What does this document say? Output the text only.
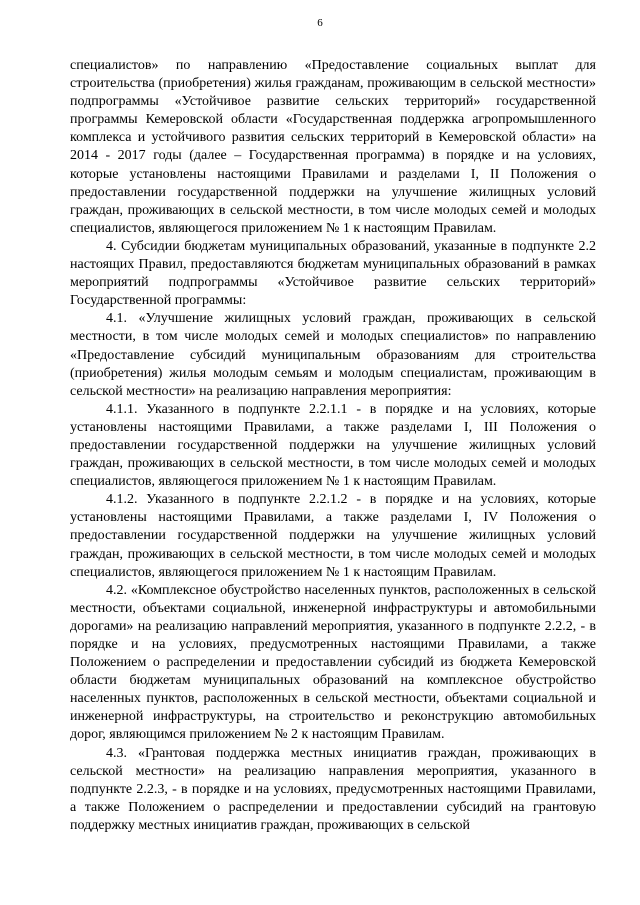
6

специалистов» по направлению «Предоставление социальных выплат для строительства (приобретения) жилья гражданам, проживающим в сельской местности» подпрограммы «Устойчивое развитие сельских территорий» государственной программы Кемеровской области «Государственная поддержка агропромышленного комплекса и устойчивого развития сельских территорий в Кемеровской области» на 2014 - 2017 годы (далее – Государственная программа) в порядке и на условиях, которые установлены настоящими Правилами и разделами I, II Положения о предоставлении государственной поддержки на улучшение жилищных условий граждан, проживающих в сельской местности, в том числе молодых семей и молодых специалистов, являющегося приложением № 1 к настоящим Правилам.

4. Субсидии бюджетам муниципальных образований, указанные в подпункте 2.2 настоящих Правил, предоставляются бюджетам муниципальных образований в рамках мероприятий подпрограммы «Устойчивое развитие сельских территорий» Государственной программы:

4.1. «Улучшение жилищных условий граждан, проживающих в сельской местности, в том числе молодых семей и молодых специалистов» по направлению «Предоставление субсидий муниципальным образованиям для строительства (приобретения) жилья молодым семьям и молодым специалистам, проживающим в сельской местности» на реализацию направления мероприятия:

4.1.1. Указанного в подпункте 2.2.1.1 - в порядке и на условиях, которые установлены настоящими Правилами, а также разделами I, III Положения о предоставлении государственной поддержки на улучшение жилищных условий граждан, проживающих в сельской местности, в том числе молодых семей и молодых специалистов, являющегося приложением № 1 к настоящим Правилам.

4.1.2. Указанного в подпункте 2.2.1.2 - в порядке и на условиях, которые установлены настоящими Правилами, а также разделами I, IV Положения о предоставлении государственной поддержки на улучшение жилищных условий граждан, проживающих в сельской местности, в том числе молодых семей и молодых специалистов, являющегося приложением № 1 к настоящим Правилам.

4.2. «Комплексное обустройство населенных пунктов, расположенных в сельской местности, объектами социальной, инженерной инфраструктуры и автомобильными дорогами» на реализацию направлений мероприятия, указанного в подпункте 2.2.2, - в порядке и на условиях, предусмотренных настоящими Правилами, а также Положением о распределении и предоставлении субсидий из бюджета Кемеровской области бюджетам муниципальных образований на комплексное обустройство населенных пунктов, расположенных в сельской местности, объектами социальной и инженерной инфраструктуры, на строительство и реконструкцию автомобильных дорог, являющимся приложением № 2 к настоящим Правилам.

4.3. «Грантовая поддержка местных инициатив граждан, проживающих в сельской местности» на реализацию направления мероприятия, указанного в подпункте 2.2.3, - в порядке и на условиях, предусмотренных настоящими Правилами, а также Положением о распределении и предоставлении субсидий на грантовую поддержку местных инициатив граждан, проживающих в сельской
